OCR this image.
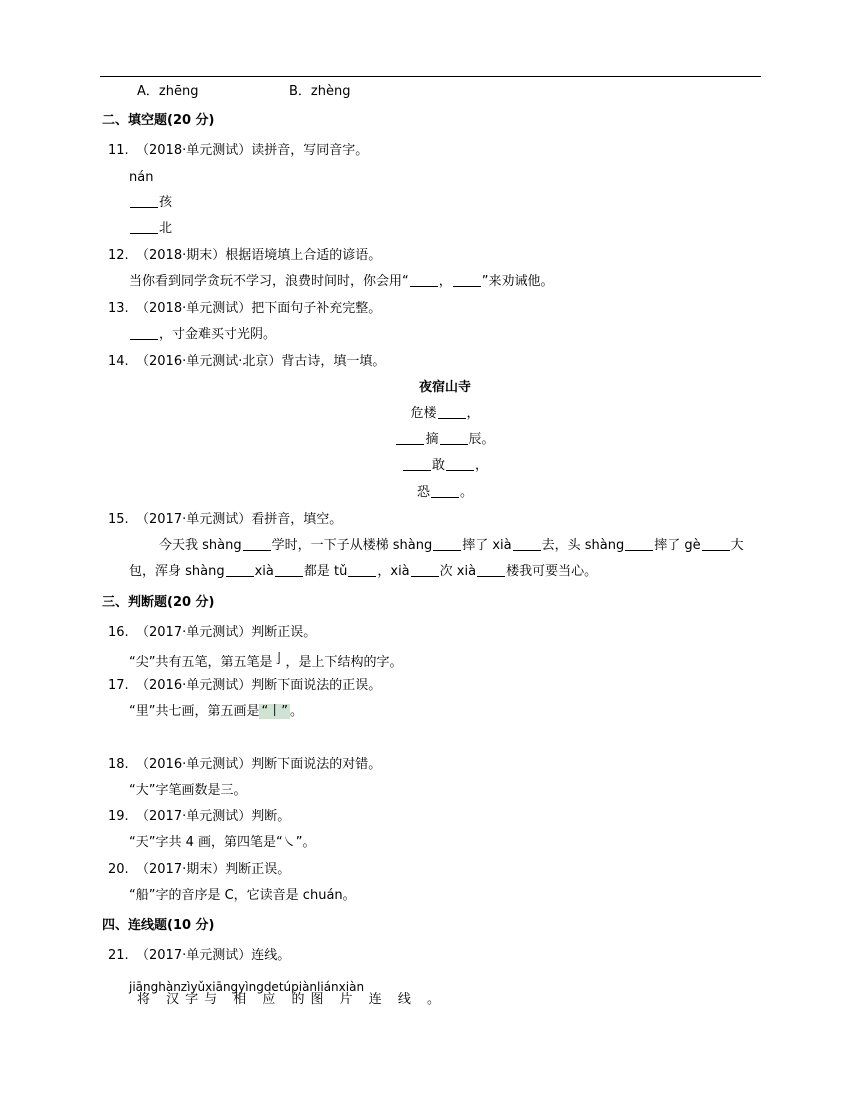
A．zhēng	B．zhèng
二、填空题(20 分)
11. （2018·单元测试）读拼音，写同音字。
nán
孩
北
12. （2018·期末）根据语境填上合适的谚语。
当你看到同学贪玩不学习，浪费时间时，你会用“ ， ”来劝诫他。
13. （2018·单元测试）把下面句子补充完整。
，寸金难买寸光阴。
14. （2016·单元测试·北京）背古诗，填一填。
夜宿山寺
危楼 ，
摘 辰。
敢 ，
恐 。
15. （2017·单元测试）看拼音，填空。
今天我 shàng 学时，一下子从楼梯 shàng 摔了 xià 去，头 shàng 摔了 gè 大
包，浑身 shàng xià 都是 tǔ ，xià 次 xià 楼我可要当心。
三、判断题(20 分)
16. （2017·单元测试）判断正误。
“尖”共有五笔，第五笔是亅，是上下结构的字。
17. （2016·单元测试）判断下面说法的正误。
“里”共七画，第五画是 “丨” 。
18. （2016·单元测试）判断下面说法的对错。
“大”字笔画数是三。
19. （2017·单元测试）判断。
“天”字共 4 画，第四笔是“㇏”。
20. （2017·期末）判断正误。
“船”字的音序是 C，它读音是 chuán。
四、连线题(10 分)
21. （2017·单元测试）连线。
jiānghànzìyǔxiāngyìngdetúpiànliánxiàn
将 汉字与 相 应 的图 片 连 线 。
